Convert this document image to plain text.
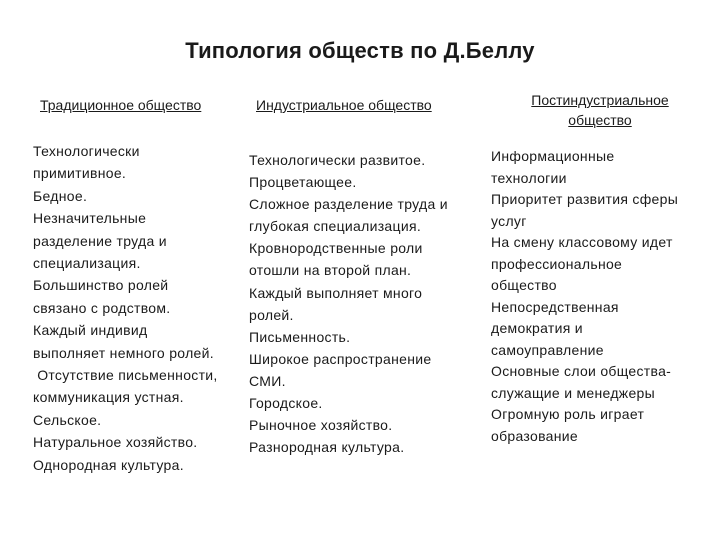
Типология обществ по Д.Беллу
Традиционное общество	Индустриальное общество	Постиндустриальное
общество
Технологически
примитивное.
Бедное.
Незначительные
разделение труда и
специализация.
Большинство ролей
связано с родством.
Каждый индивид
выполняет немного ролей.
Отсутствие письменности,
коммуникация устная.
Сельское.
Натуральное хозяйство.
Однородная культура.
Технологически развитое.
Процветающее.
Сложное разделение труда и
глубокая специализация.
Кровнородственные роли
отошли на второй план.
Каждый выполняет много
ролей.
Письменность.
Широкое распространение
СМИ.
Городское.
Рыночное хозяйство.
Разнородная культура.
Информационные
технологии
Приоритет развития сферы
услуг
На смену классовому идет
профессиональное
общество
Непосредственная
демократия и
самоуправление
Основные слои общества-
служащие и менеджеры
Огромную роль играет
образование
